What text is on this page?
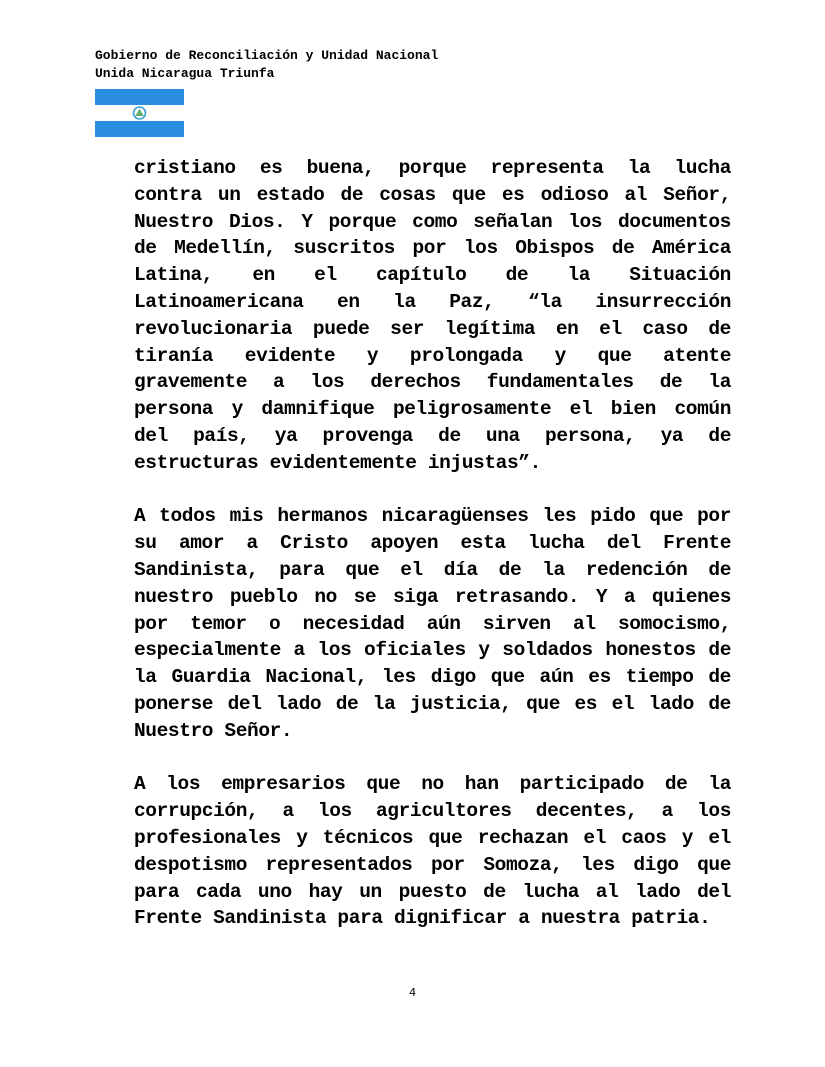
Gobierno de Reconciliación y Unidad Nacional
Unida Nicaragua Triunfa

cristiano es buena, porque representa la lucha contra un estado de cosas que es odioso al Señor, Nuestro Dios. Y porque como señalan los documentos de Medellín, suscritos por los Obispos de América Latina, en el capítulo de la Situación Latinoamericana en la Paz, “la insurrección revolucionaria puede ser legítima en el caso de tiranía evidente y prolongada y que atente gravemente a los derechos fundamentales de la persona y damnifique peligrosamente el bien común del país, ya provenga de una persona, ya de estructuras evidentemente injustas”.

A todos mis hermanos nicaragüenses les pido que por su amor a Cristo apoyen esta lucha del Frente Sandinista, para que el día de la redención de nuestro pueblo no se siga retrasando. Y a quienes por temor o necesidad aún sirven al somocismo, especialmente a los oficiales y soldados honestos de la Guardia Nacional, les digo que aún es tiempo de ponerse del lado de la justicia, que es el lado de Nuestro Señor.

A los empresarios que no han participado de la corrupción, a los agricultores decentes, a los profesionales y técnicos que rechazan el caos y el despotismo representados por Somoza, les digo que para cada uno hay un puesto de lucha al lado del Frente Sandinista para dignificar a nuestra patria.

4
